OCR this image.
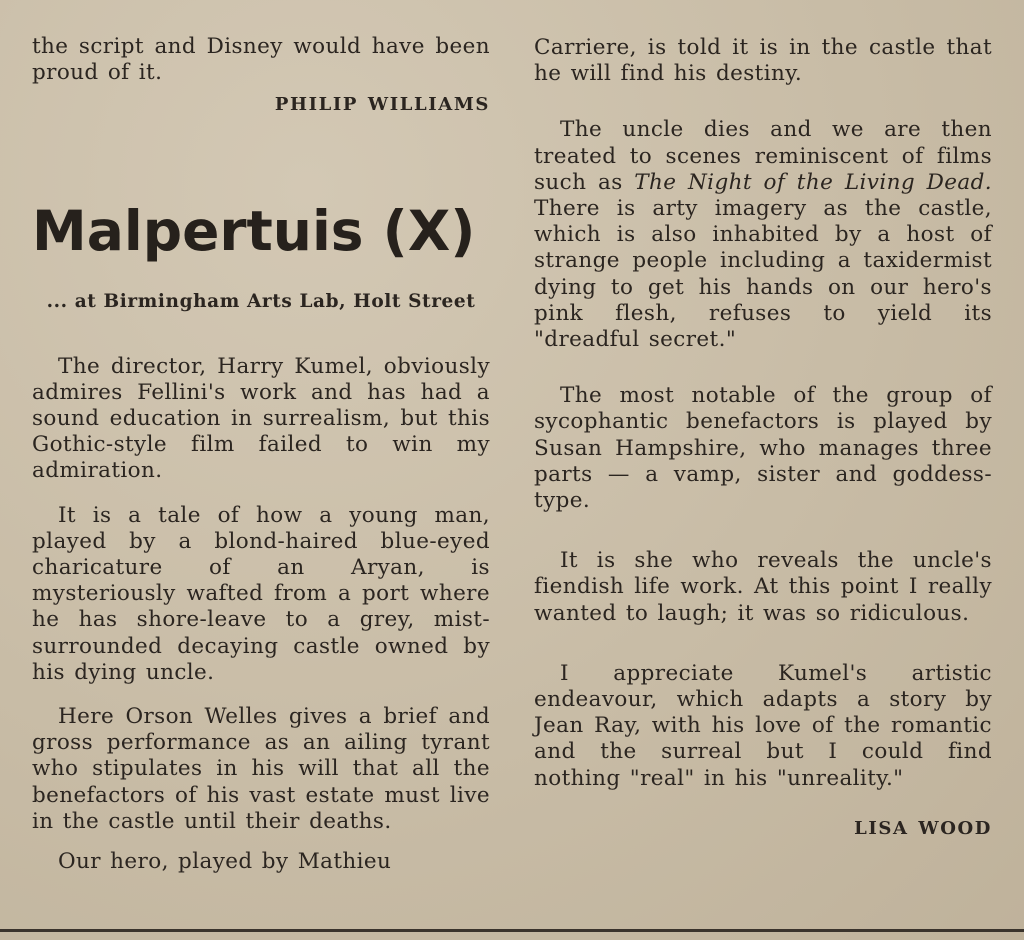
the script and Disney would have been proud of it.

PHILIP WILLIAMS

Malpertuis (X)
... at Birmingham Arts Lab, Holt Street

The director, Harry Kumel, obviously admires Fellini's work and has had a sound education in surrealism, but this Gothic-style film failed to win my admiration.

It is a tale of how a young man, played by a blond-haired blue-eyed charicature of an Aryan, is mysteriously wafted from a port where he has shore-leave to a grey, mist-surrounded decaying castle owned by his dying uncle.

Here Orson Welles gives a brief and gross performance as an ailing tyrant who stipulates in his will that all the benefactors of his vast estate must live in the castle until their deaths.

Our hero, played by Mathieu

Carriere, is told it is in the castle that he will find his destiny.

The uncle dies and we are then treated to scenes reminiscent of films such as The Night of the Living Dead. There is arty imagery as the castle, which is also inhabited by a host of strange people including a taxidermist dying to get his hands on our hero's pink flesh, refuses to yield its "dreadful secret."

The most notable of the group of sycophantic benefactors is played by Susan Hampshire, who manages three parts — a vamp, sister and goddess-type.

It is she who reveals the uncle's fiendish life work. At this point I really wanted to laugh; it was so ridiculous.

I appreciate Kumel's artistic endeavour, which adapts a story by Jean Ray, with his love of the romantic and the surreal but I could find nothing "real" in his "unreality."

LISA WOOD
